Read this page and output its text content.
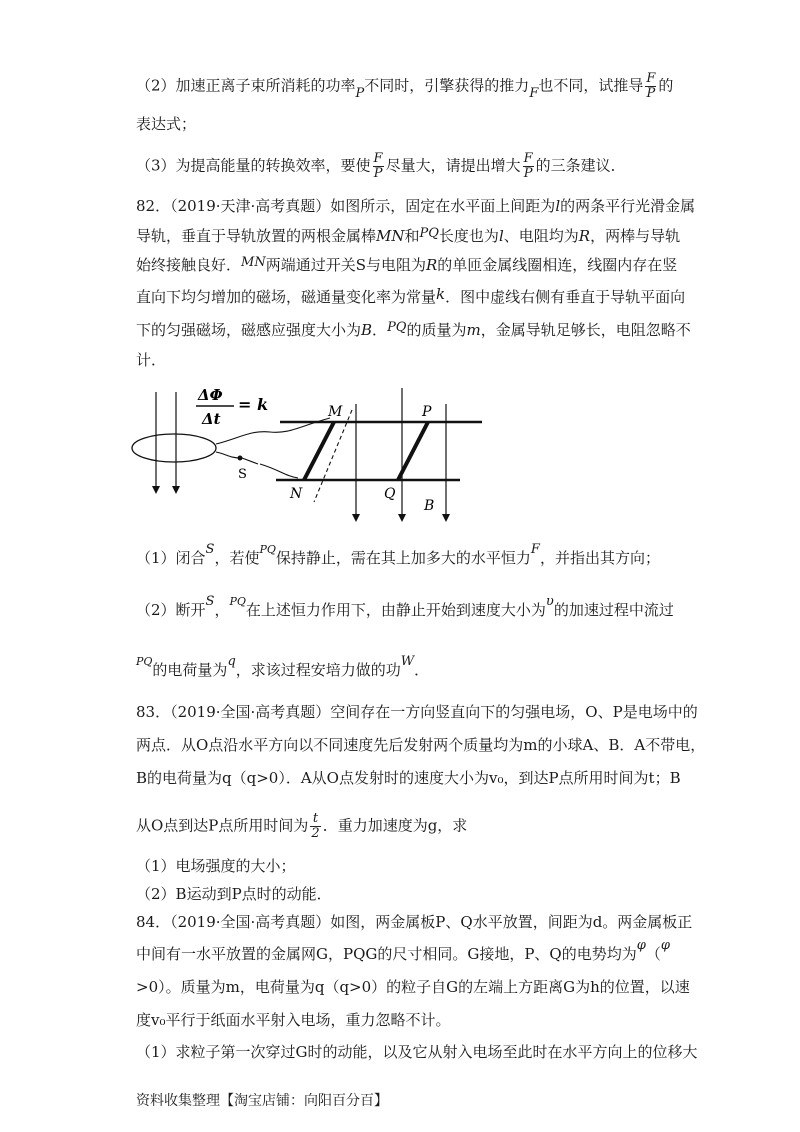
（2）加速正离子束所消耗的功率P不同时，引擎获得的推力F也不同，试推导 $\frac{F}{P}$ 的
表达式；
（3）为提高能量的转换效率，要使 $\frac{F}{P}$ 尽量大，请提出增大 $\frac{F}{P}$ 的三条建议．
82．（2019·天津·高考真题）如图所示，固定在水平面上间距为l的两条平行光滑金属
导轨，垂直于导轨放置的两根金属棒MN和PQ长度也为l、电阻均为R，两棒与导轨
始终接触良好．MN两端通过开关S与电阻为R的单匝金属线圈相连，线圈内存在竖
直向下均匀增加的磁场，磁通量变化率为常量k．图中虚线右侧有垂直于导轨平面向
下的匀强磁场，磁感应强度大小为B．PQ的质量为m，金属导轨足够长，电阻忽略不
计．
ΔΦ
Δt
= k
S
M
N
P
Q
B
（1）闭合S，若使$^{PQ}$保持静止，需在其上加多大的水平恒力F，并指出其方向；
（2）断开S，$^{PQ}$在上述恒力作用下，由静止开始到速度大小为υ的加速过程中流过
$^{PQ}$的电荷量为q，求该过程安培力做的功W．
83．（2019·全国·高考真题）空间存在一方向竖直向下的匀强电场，O、P是电场中的
两点．从O点沿水平方向以不同速度先后发射两个质量均为m的小球A、B．A不带电，
B的电荷量为q（q>0）．A从O点发射时的速度大小为v₀，到达P点所用时间为t；B
从O点到达P点所用时间为 $\frac{t}{2}$ ．重力加速度为g，求
（1）电场强度的大小；
（2）B运动到P点时的动能．
84．（2019·全国·高考真题）如图，两金属板P、Q水平放置，间距为d。两金属板正
中间有一水平放置的金属网G，PQG的尺寸相同。G接地，P、Q的电势均为φ（φ
>0）。质量为m，电荷量为q（q>0）的粒子自G的左端上方距离G为h的位置，以速
度v₀平行于纸面水平射入电场，重力忽略不计。
（1）求粒子第一次穿过G时的动能，以及它从射入电场至此时在水平方向上的位移大
资料收集整理【淘宝店铺：向阳百分百】
